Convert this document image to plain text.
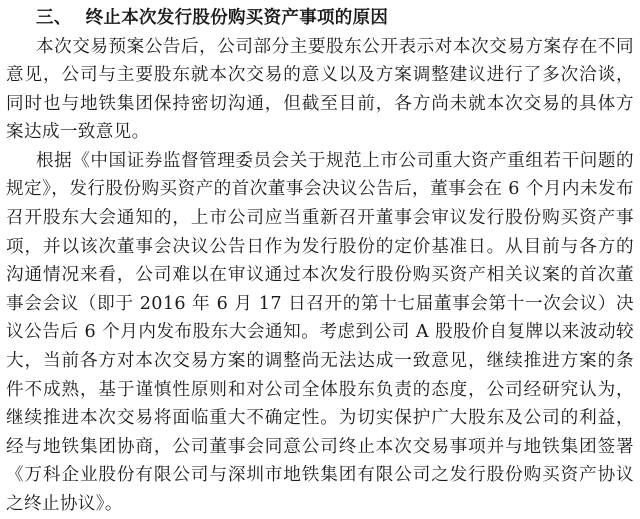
三、 终止本次发行股份购买资产事项的原因

本次交易预案公告后，公司部分主要股东公开表示对本次交易方案存在不同意见，公司与主要股东就本次交易的意义以及方案调整建议进行了多次洽谈，同时也与地铁集团保持密切沟通，但截至目前，各方尚未就本次交易的具体方案达成一致意见。

根据《中国证券监督管理委员会关于规范上市公司重大资产重组若干问题的规定》，发行股份购买资产的首次董事会决议公告后，董事会在 6 个月内未发布召开股东大会通知的，上市公司应当重新召开董事会审议发行股份购买资产事项，并以该次董事会决议公告日作为发行股份的定价基准日。从目前与各方的沟通情况来看，公司难以在审议通过本次发行股份购买资产相关议案的首次董事会会议（即于 2016 年 6 月 17 日召开的第十七届董事会第十一次会议）决议公告后 6 个月内发布股东大会通知。考虑到公司 A 股股价自复牌以来波动较大，当前各方对本次交易方案的调整尚无法达成一致意见，继续推进方案的条件不成熟，基于谨慎性原则和对公司全体股东负责的态度，公司经研究认为，继续推进本次交易将面临重大不确定性。为切实保护广大股东及公司的利益，经与地铁集团协商，公司董事会同意公司终止本次交易事项并与地铁集团签署《万科企业股份有限公司与深圳市地铁集团有限公司之发行股份购买资产协议之终止协议》。
